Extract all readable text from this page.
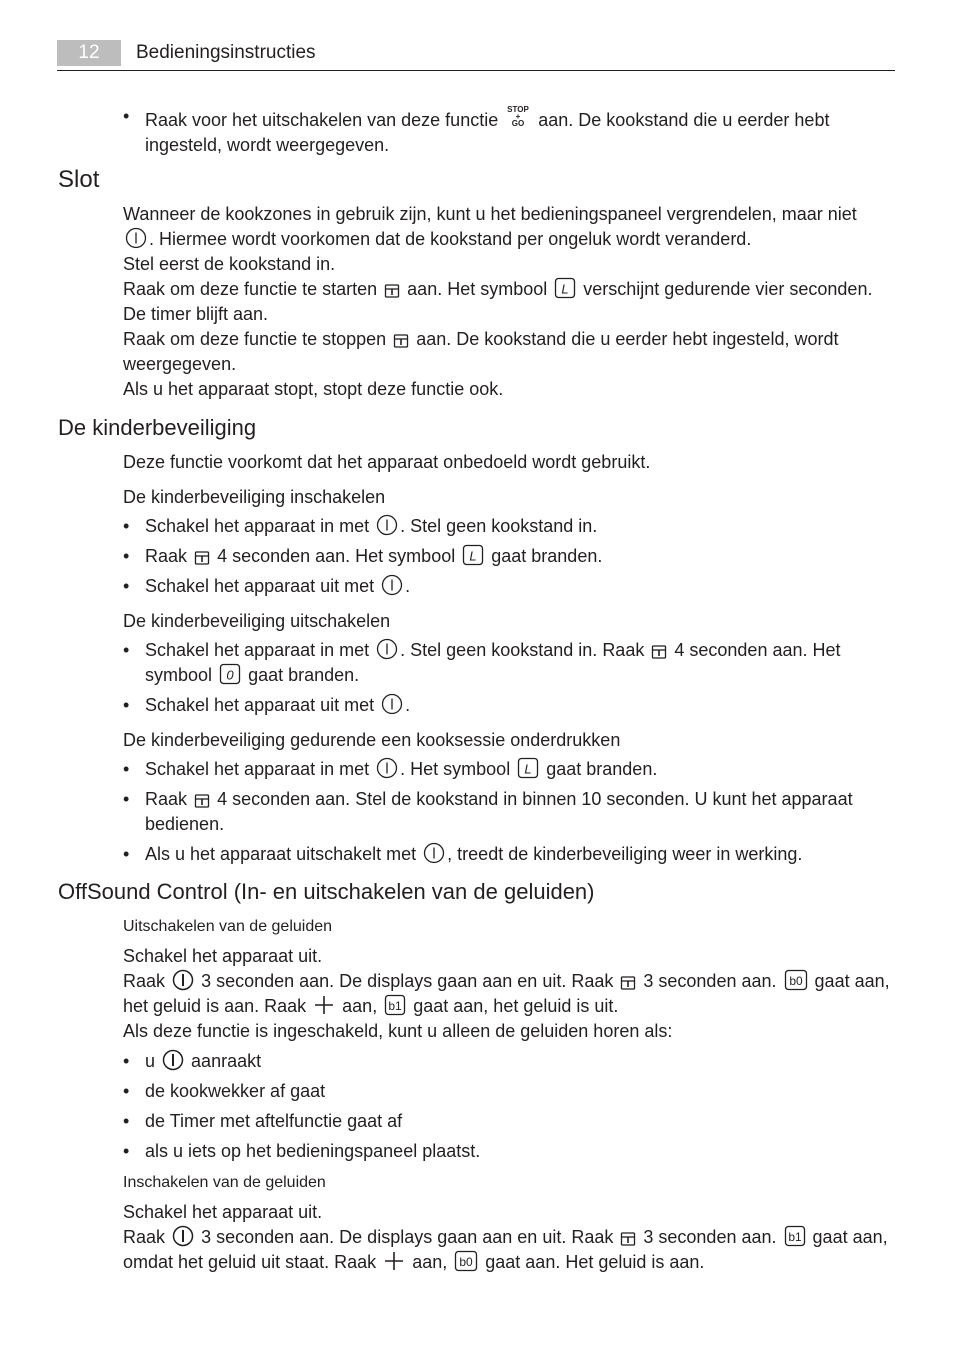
12	Bedieningsinstructies
• Raak voor het uitschakelen van deze functie
STOP
+
GO aan. De kookstand die u eerder hebt
ingesteld, wordt weergegeven.
Slot
Wanneer de kookzones in gebruik zijn, kunt u het bedieningspaneel vergrendelen, maar niet
. Hiermee wordt voorkomen dat de kookstand per ongeluk wordt veranderd.
Stel eerst de kookstand in.
Raak om deze functie te starten aan. Het symbool L verschijnt gedurende vier seconden.
De timer blijft aan.
Raak om deze functie te stoppen aan. De kookstand die u eerder hebt ingesteld, wordt
weergegeven.
Als u het apparaat stopt, stopt deze functie ook.
De kinderbeveiliging
Deze functie voorkomt dat het apparaat onbedoeld wordt gebruikt.
De kinderbeveiliging inschakelen
• Schakel het apparaat in met . Stel geen kookstand in.
• Raak 4 seconden aan. Het symbool L gaat branden.
• Schakel het apparaat uit met .
De kinderbeveiliging uitschakelen
• Schakel het apparaat in met . Stel geen kookstand in. Raak 4 seconden aan. Het
symbool 0 gaat branden.
• Schakel het apparaat uit met .
De kinderbeveiliging gedurende een kooksessie onderdrukken
• Schakel het apparaat in met . Het symbool L gaat branden.
• Raak 4 seconden aan. Stel de kookstand in binnen 10 seconden. U kunt het apparaat
bedienen.
• Als u het apparaat uitschakelt met , treedt de kinderbeveiliging weer in werking.
OffSound Control (In- en uitschakelen van de geluiden)
Uitschakelen van de geluiden
Schakel het apparaat uit.
Raak 3 seconden aan. De displays gaan aan en uit. Raak 3 seconden aan. b0 gaat aan,
het geluid is aan. Raak aan, b1 gaat aan, het geluid is uit.
Als deze functie is ingeschakeld, kunt u alleen de geluiden horen als:
• u aanraakt
• de kookwekker af gaat
• de Timer met aftelfunctie gaat af
• als u iets op het bedieningspaneel plaatst.
Inschakelen van de geluiden
Schakel het apparaat uit.
Raak 3 seconden aan. De displays gaan aan en uit. Raak 3 seconden aan. b1 gaat aan,
omdat het geluid uit staat. Raak aan, b0 gaat aan. Het geluid is aan.
